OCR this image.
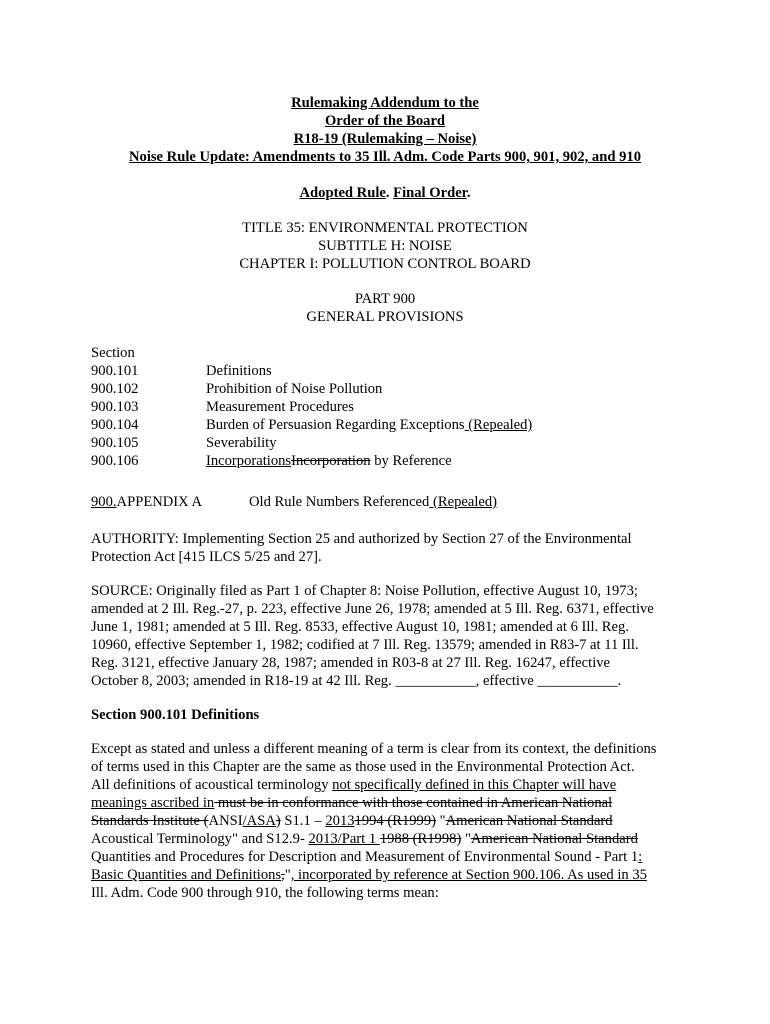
Rulemaking Addendum to the
Order of the Board
R18-19 (Rulemaking – Noise)
Noise Rule Update: Amendments to 35 Ill. Adm. Code Parts 900, 901, 902, and 910
Adopted Rule. Final Order.
TITLE 35: ENVIRONMENTAL PROTECTION
SUBTITLE H: NOISE
CHAPTER I: POLLUTION CONTROL BOARD
PART 900
GENERAL PROVISIONS
Section
900.101	Definitions
900.102	Prohibition of Noise Pollution
900.103	Measurement Procedures
900.104	Burden of Persuasion Regarding Exceptions (Repealed)
900.105	Severability
900.106	IncorporationsIncorporation by Reference
900.APPENDIX A	Old Rule Numbers Referenced (Repealed)
AUTHORITY: Implementing Section 25 and authorized by Section 27 of the Environmental
Protection Act [415 ILCS 5/25 and 27].
SOURCE: Originally filed as Part 1 of Chapter 8: Noise Pollution, effective August 10, 1973;
amended at 2 Ill. Reg.-27, p. 223, effective June 26, 1978; amended at 5 Ill. Reg. 6371, effective
June 1, 1981; amended at 5 Ill. Reg. 8533, effective August 10, 1981; amended at 6 Ill. Reg.
10960, effective September 1, 1982; codified at 7 Ill. Reg. 13579; amended in R83-7 at 11 Ill.
Reg. 3121, effective January 28, 1987; amended in R03-8 at 27 Ill. Reg. 16247, effective
October 8, 2003; amended in R18-19 at 42 Ill. Reg. ___________, effective ___________.
Section 900.101 Definitions
Except as stated and unless a different meaning of a term is clear from its context, the definitions
of terms used in this Chapter are the same as those used in the Environmental Protection Act.
All definitions of acoustical terminology not specifically defined in this Chapter will have
meanings ascribed in must be in conformance with those contained in American National
Standards Institute (ANSI/ASA) S1.1 – 20131994 (R1999) "American National Standard
Acoustical Terminology" and S12.9- 2013/Part 1 1988 (R1998) "American National Standard
Quantities and Procedures for Description and Measurement of Environmental Sound - Part 1:
Basic Quantities and Definitions,", incorporated by reference at Section 900.106. As used in 35
Ill. Adm. Code 900 through 910, the following terms mean:
